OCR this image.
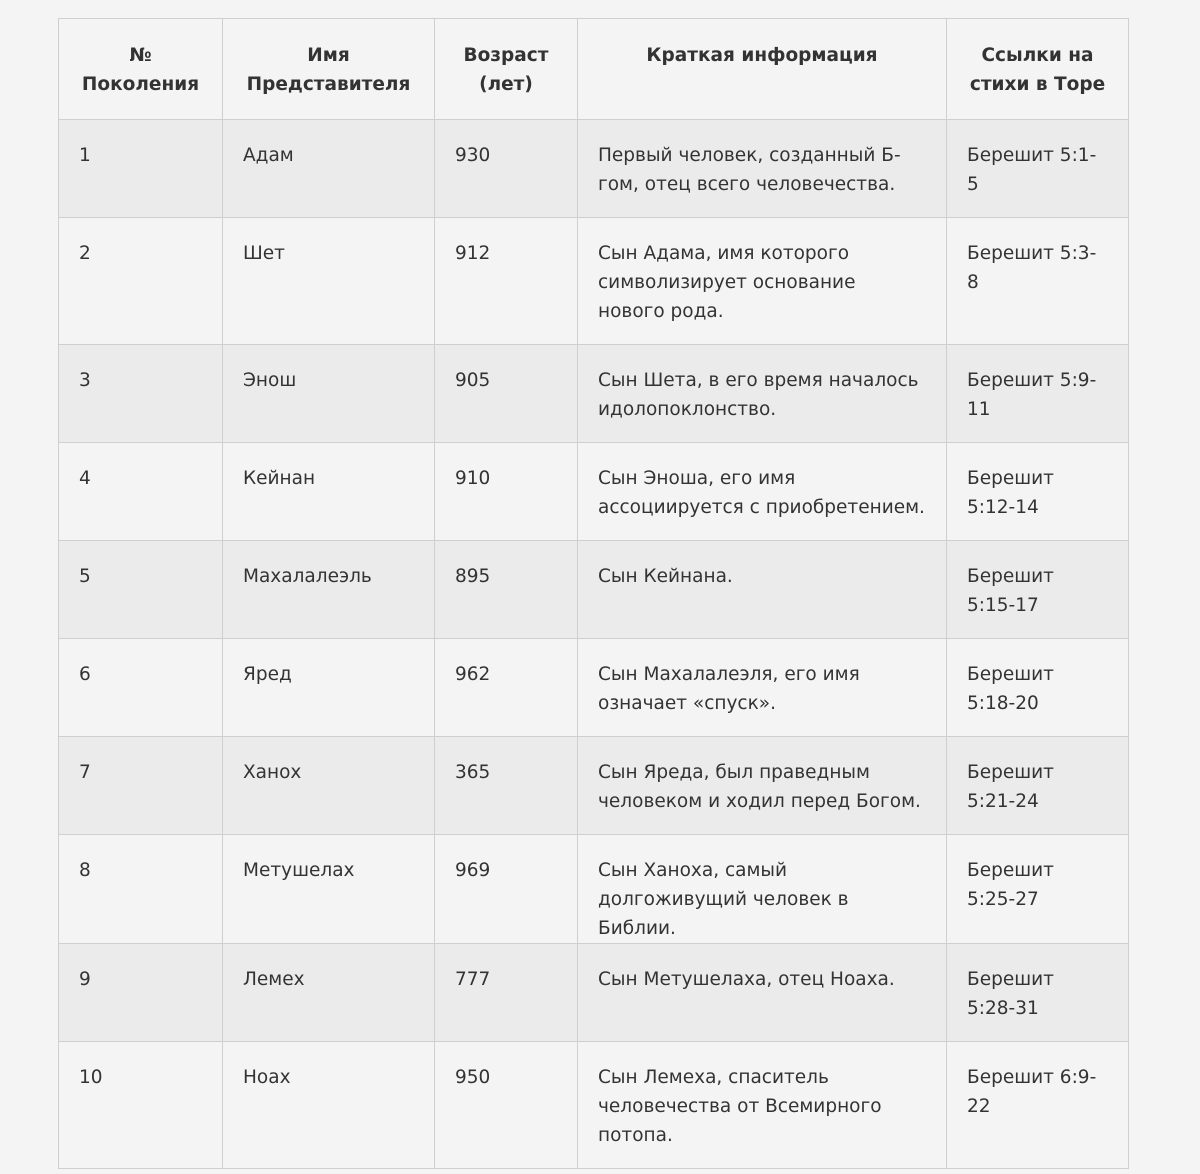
№ Поколения	Имя Представителя	Возраст (лет)	Краткая информация	Ссылки на стихи в Торе
1	Адам	930	Первый человек, созданный Б-гом, отец всего человечества.	Берешит 5:1-5
2	Шет	912	Сын Адама, имя которого символизирует основание нового рода.	Берешит 5:3-8
3	Энош	905	Сын Шета, в его время началось идолопоклонство.	Берешит 5:9-11
4	Кейнан	910	Сын Эноша, его имя ассоциируется с приобретением.	Берешит 5:12-14
5	Махалалеэль	895	Сын Кейнана.	Берешит 5:15-17
6	Яред	962	Сын Махалалеэля, его имя означает «спуск».	Берешит 5:18-20
7	Ханох	365	Сын Яреда, был праведным человеком и ходил перед Богом.	Берешит 5:21-24
8	Метушелах	969	Сын Ханоха, самый долгоживущий человек в Библии.	Берешит 5:25-27
9	Лемех	777	Сын Метушелаха, отец Ноаха.	Берешит 5:28-31
10	Ноах	950	Сын Лемеха, спаситель человечества от Всемирного потопа.	Берешит 6:9-22
